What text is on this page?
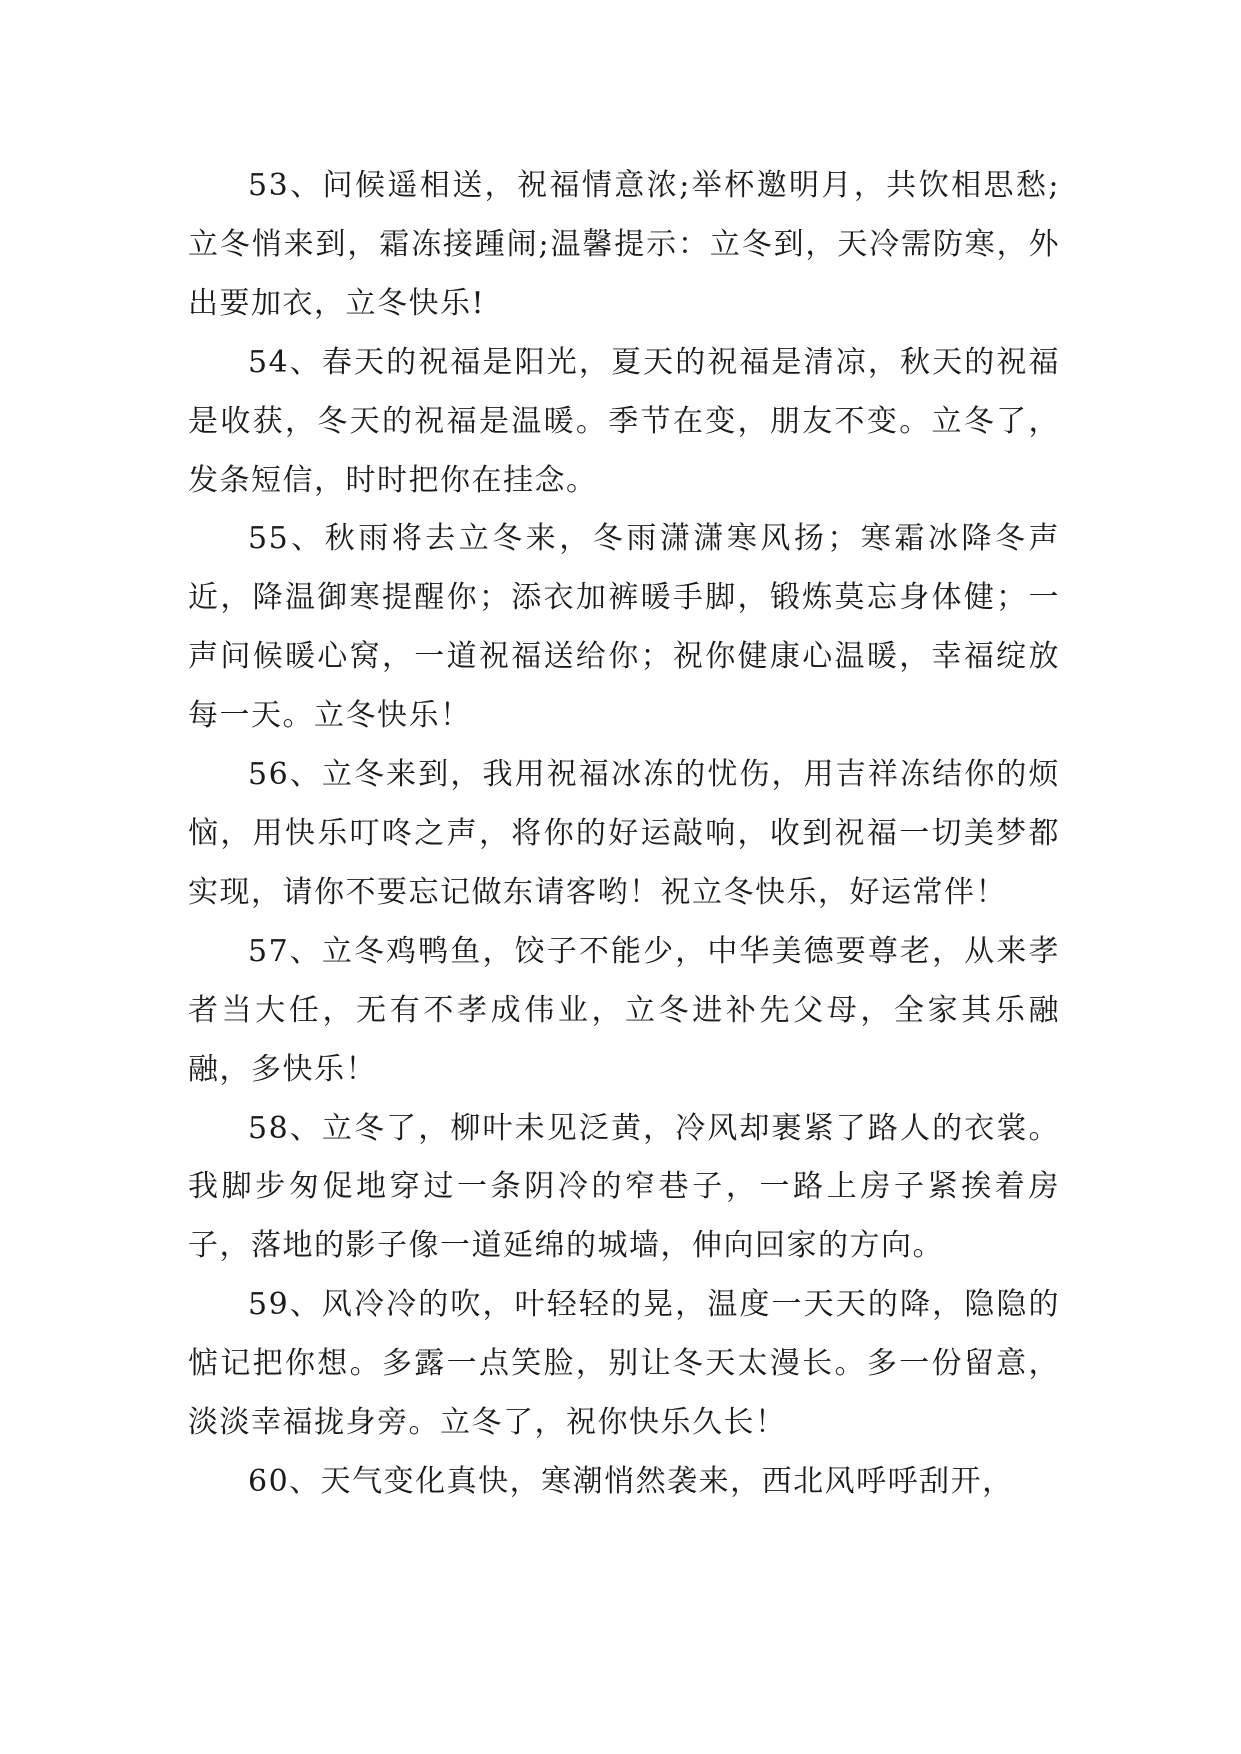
53、问候遥相送，祝福情意浓;举杯邀明月，共饮相思愁;立冬悄来到，霜冻接踵闹;温馨提示：立冬到，天冷需防寒，外出要加衣，立冬快乐!

54、春天的祝福是阳光，夏天的祝福是清凉，秋天的祝福是收获，冬天的祝福是温暖。季节在变，朋友不变。立冬了，发条短信，时时把你在挂念。

55、秋雨将去立冬来，冬雨潇潇寒风扬；寒霜冰降冬声近，降温御寒提醒你；添衣加裤暖手脚，锻炼莫忘身体健；一声问候暖心窝，一道祝福送给你；祝你健康心温暖，幸福绽放每一天。立冬快乐！

56、立冬来到，我用祝福冰冻的忧伤，用吉祥冻结你的烦恼，用快乐叮咚之声，将你的好运敲响，收到祝福一切美梦都实现，请你不要忘记做东请客哟！祝立冬快乐，好运常伴！

57、立冬鸡鸭鱼，饺子不能少，中华美德要尊老，从来孝者当大任，无有不孝成伟业，立冬进补先父母，全家其乐融融，多快乐！

58、立冬了，柳叶未见泛黄，冷风却裹紧了路人的衣裳。我脚步匆促地穿过一条阴冷的窄巷子，一路上房子紧挨着房子，落地的影子像一道延绵的城墙，伸向回家的方向。

59、风冷冷的吹，叶轻轻的晃，温度一天天的降，隐隐的惦记把你想。多露一点笑脸，别让冬天太漫长。多一份留意，淡淡幸福拢身旁。立冬了，祝你快乐久长！

60、天气变化真快，寒潮悄然袭来，西北风呼呼刮开，
